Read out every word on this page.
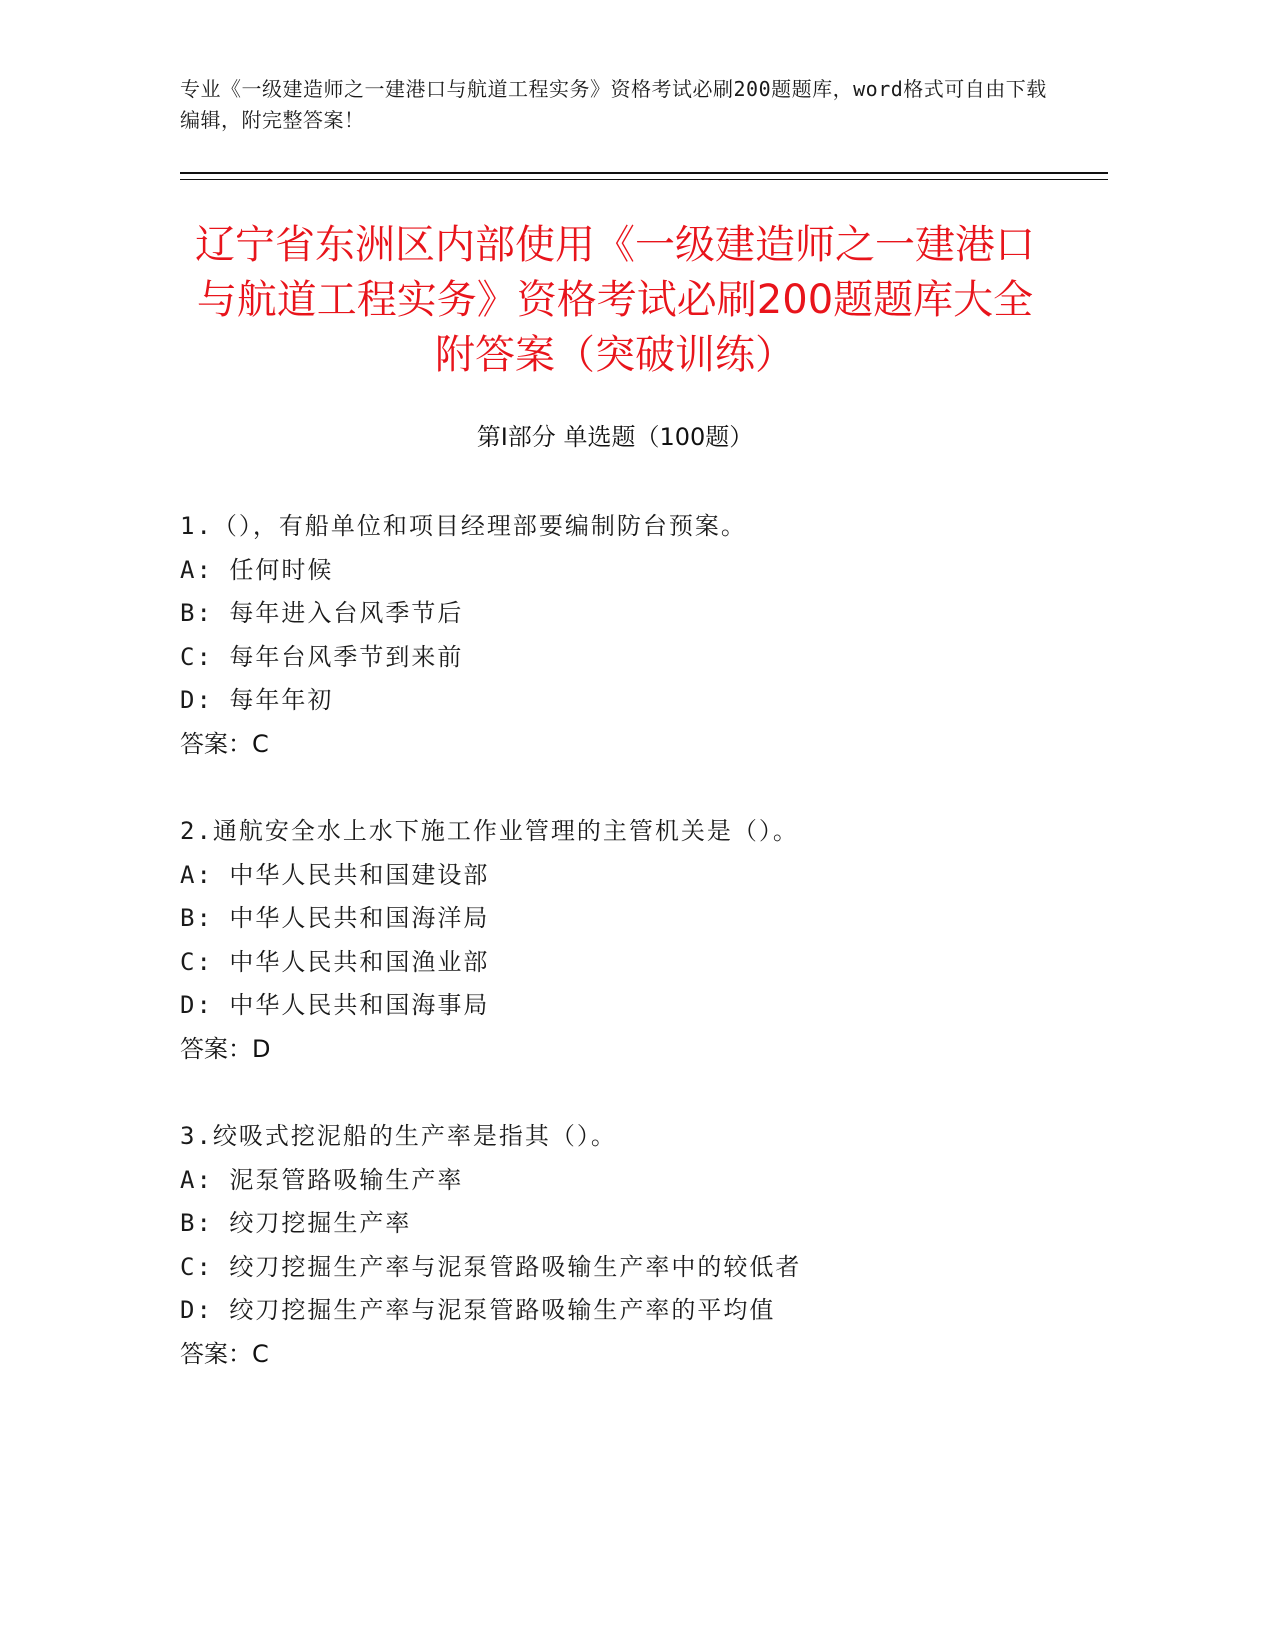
专业《一级建造师之一建港口与航道工程实务》资格考试必刷200题题库，word格式可自由下载编辑，附完整答案！
辽宁省东洲区内部使用《一级建造师之一建港口与航道工程实务》资格考试必刷200题题库大全附答案（突破训练）
第Ⅰ部分 单选题（100题）
1.（），有船单位和项目经理部要编制防台预案。
A: 任何时候
B: 每年进入台风季节后
C: 每年台风季节到来前
D: 每年年初
答案：C
2.通航安全水上水下施工作业管理的主管机关是（）。
A: 中华人民共和国建设部
B: 中华人民共和国海洋局
C: 中华人民共和国渔业部
D: 中华人民共和国海事局
答案：D
3.绞吸式挖泥船的生产率是指其（）。
A: 泥泵管路吸输生产率
B: 绞刀挖掘生产率
C: 绞刀挖掘生产率与泥泵管路吸输生产率中的较低者
D: 绞刀挖掘生产率与泥泵管路吸输生产率的平均值
答案：C
